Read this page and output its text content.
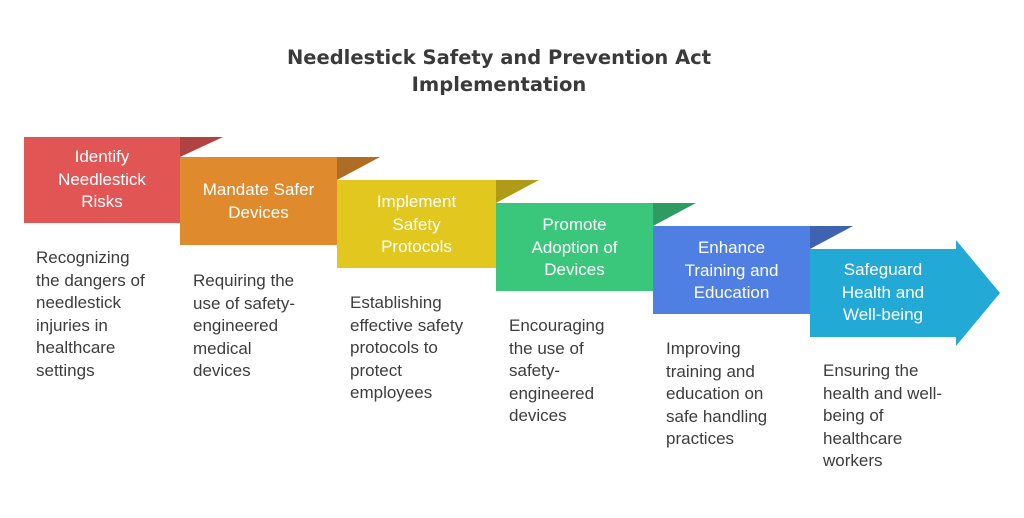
Needlestick Safety and Prevention Act
Implementation
Identify
Needlestick
Risks
Mandate Safer
Devices
Implement
Safety
Protocols
Promote
Adoption of
Devices
Enhance
Training and
Education
Safeguard
Health and
Well-being
Recognizing
the dangers of
needlestick
injuries in
healthcare
settings
Requiring the
use of safety-
engineered
medical
devices
Establishing
effective safety
protocols to
protect
employees
Encouraging
the use of
safety-
engineered
devices
Improving
training and
education on
safe handling
practices
Ensuring the
health and well-
being of
healthcare
workers
